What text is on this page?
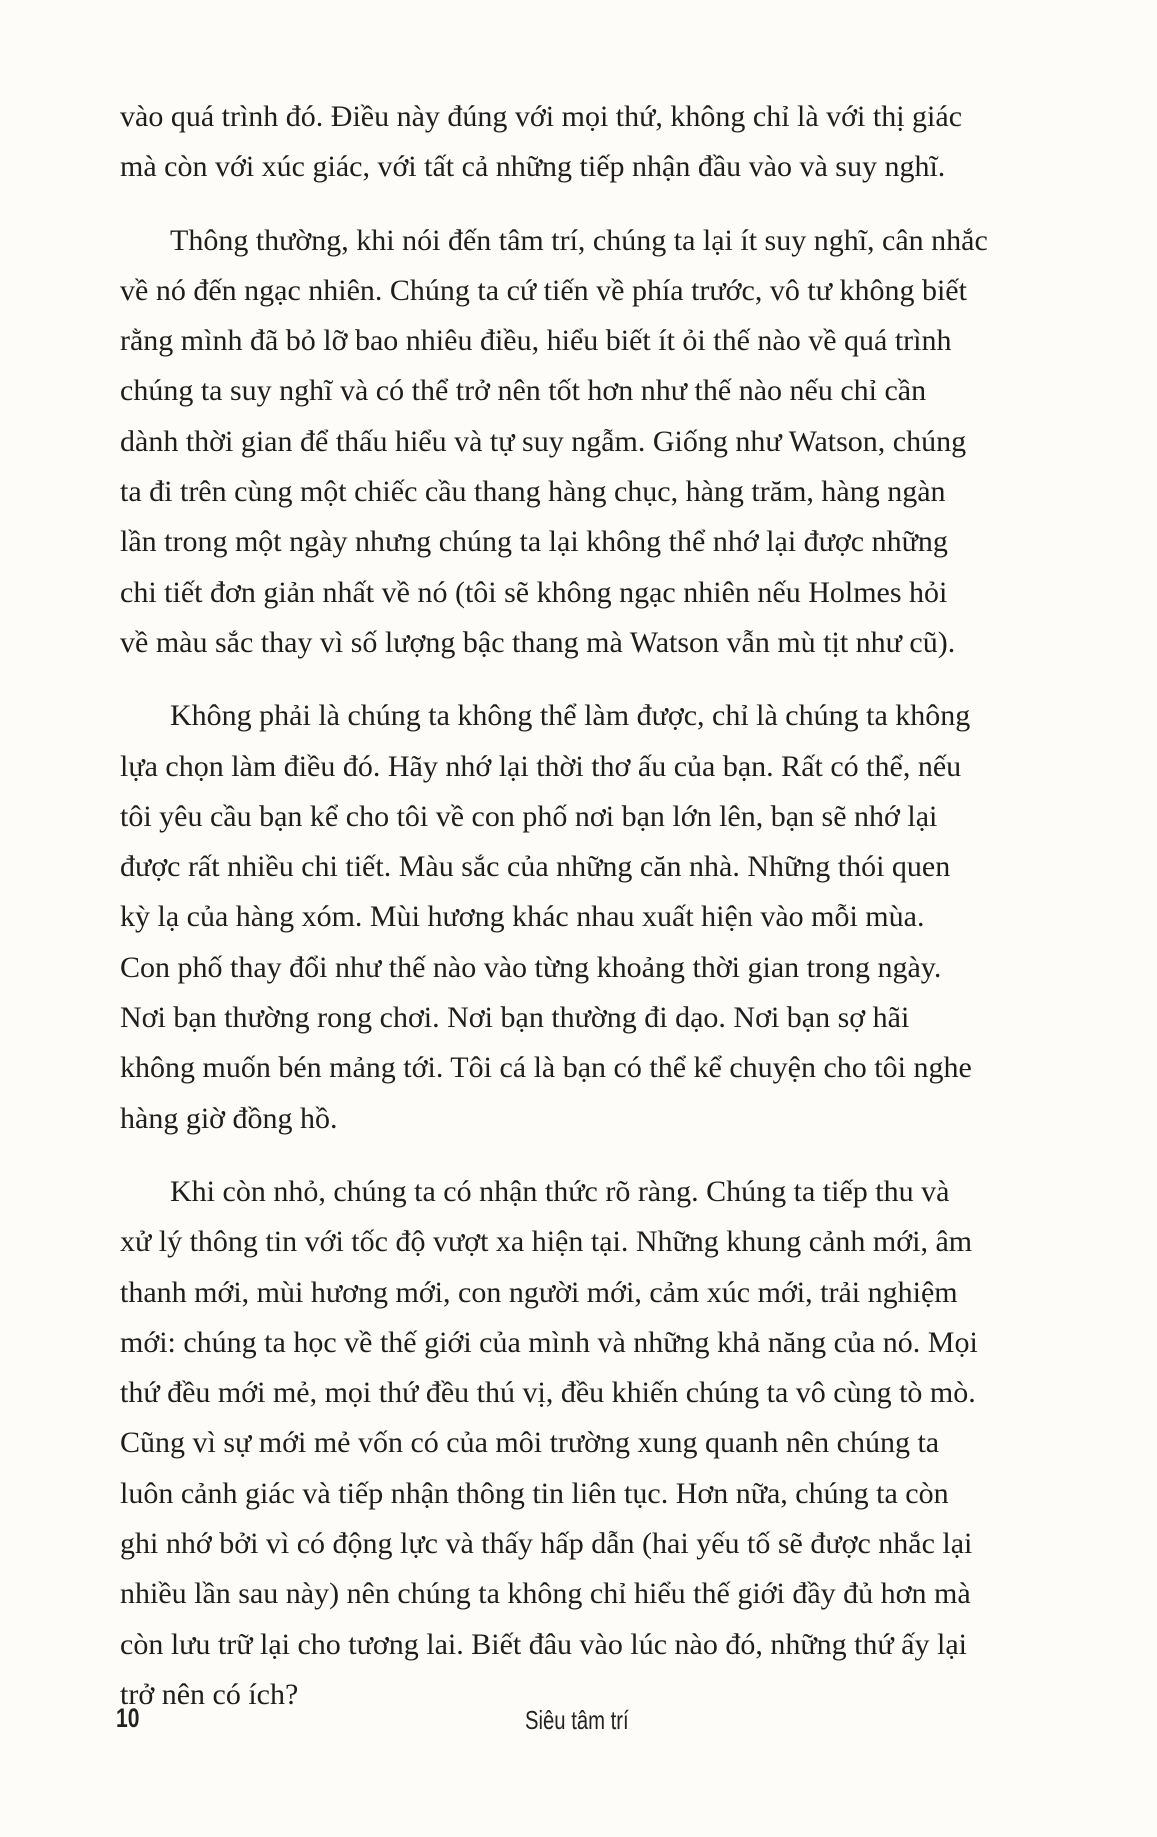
vào quá trình đó. Điều này đúng với mọi thứ, không chỉ là với thị giác
mà còn với xúc giác, với tất cả những tiếp nhận đầu vào và suy nghĩ.
Thông thường, khi nói đến tâm trí, chúng ta lại ít suy nghĩ, cân nhắc
về nó đến ngạc nhiên. Chúng ta cứ tiến về phía trước, vô tư không biết
rằng mình đã bỏ lỡ bao nhiêu điều, hiểu biết ít ỏi thế nào về quá trình
chúng ta suy nghĩ và có thể trở nên tốt hơn như thế nào nếu chỉ cần
dành thời gian để thấu hiểu và tự suy ngẫm. Giống như Watson, chúng
ta đi trên cùng một chiếc cầu thang hàng chục, hàng trăm, hàng ngàn
lần trong một ngày nhưng chúng ta lại không thể nhớ lại được những
chi tiết đơn giản nhất về nó (tôi sẽ không ngạc nhiên nếu Holmes hỏi
về màu sắc thay vì số lượng bậc thang mà Watson vẫn mù tịt như cũ).
Không phải là chúng ta không thể làm được, chỉ là chúng ta không
lựa chọn làm điều đó. Hãy nhớ lại thời thơ ấu của bạn. Rất có thể, nếu
tôi yêu cầu bạn kể cho tôi về con phố nơi bạn lớn lên, bạn sẽ nhớ lại
được rất nhiều chi tiết. Màu sắc của những căn nhà. Những thói quen
kỳ lạ của hàng xóm. Mùi hương khác nhau xuất hiện vào mỗi mùa.
Con phố thay đổi như thế nào vào từng khoảng thời gian trong ngày.
Nơi bạn thường rong chơi. Nơi bạn thường đi dạo. Nơi bạn sợ hãi
không muốn bén mảng tới. Tôi cá là bạn có thể kể chuyện cho tôi nghe
hàng giờ đồng hồ.
Khi còn nhỏ, chúng ta có nhận thức rõ ràng. Chúng ta tiếp thu và
xử lý thông tin với tốc độ vượt xa hiện tại. Những khung cảnh mới, âm
thanh mới, mùi hương mới, con người mới, cảm xúc mới, trải nghiệm
mới: chúng ta học về thế giới của mình và những khả năng của nó. Mọi
thứ đều mới mẻ, mọi thứ đều thú vị, đều khiến chúng ta vô cùng tò mò.
Cũng vì sự mới mẻ vốn có của môi trường xung quanh nên chúng ta
luôn cảnh giác và tiếp nhận thông tin liên tục. Hơn nữa, chúng ta còn
ghi nhớ bởi vì có động lực và thấy hấp dẫn (hai yếu tố sẽ được nhắc lại
nhiều lần sau này) nên chúng ta không chỉ hiểu thế giới đầy đủ hơn mà
còn lưu trữ lại cho tương lai. Biết đâu vào lúc nào đó, những thứ ấy lại
trở nên có ích?
10	Siêu tâm trí
